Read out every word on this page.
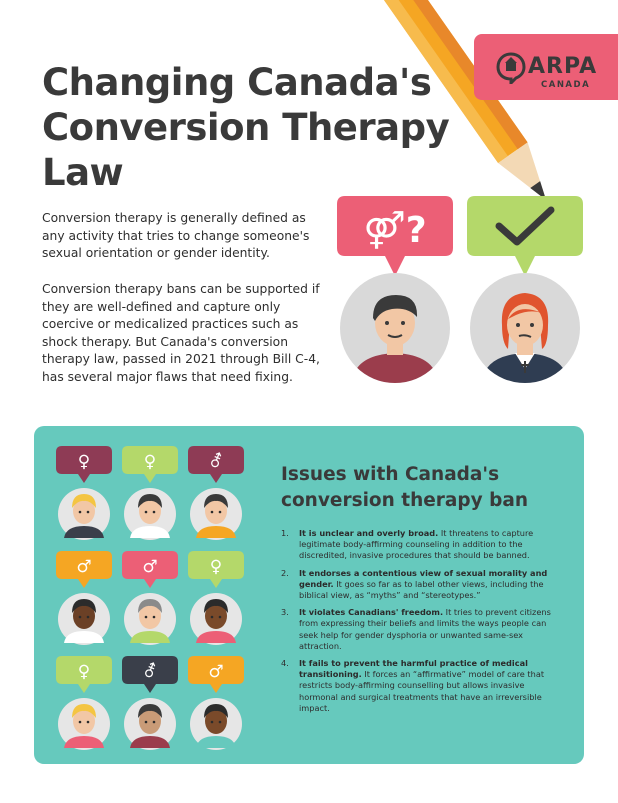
ARPA
CANADA
Changing Canada's Conversion Therapy Law

Conversion therapy is generally defined as any activity that tries to change someone's sexual orientation or gender identity.

Conversion therapy bans can be supported if they are well-defined and capture only coercive or medicalized practices such as shock therapy. But Canada's conversion therapy law, passed in 2021 through Bill C-4, has several major flaws that need fixing.

⚤?
♀	♀	⚦
♂	♂	♀
♀	⚦	♂
Issues with Canada's conversion therapy ban
1. It is unclear and overly broad. It threatens to capture legitimate body-affirming counseling in addition to the discredited, invasive procedures that should be banned.
2. It endorses a contentious view of sexual morality and gender. It goes so far as to label other views, including the biblical view, as “myths” and “stereotypes.”
3. It violates Canadians' freedom. It tries to prevent citizens from expressing their beliefs and limits the ways people can seek help for gender dysphoria or unwanted same-sex attraction.
4. It fails to prevent the harmful practice of medical transitioning. It forces an “affirmative” model of care that restricts body-affirming counselling but allows invasive hormonal and surgical treatments that have an irreversible impact.
